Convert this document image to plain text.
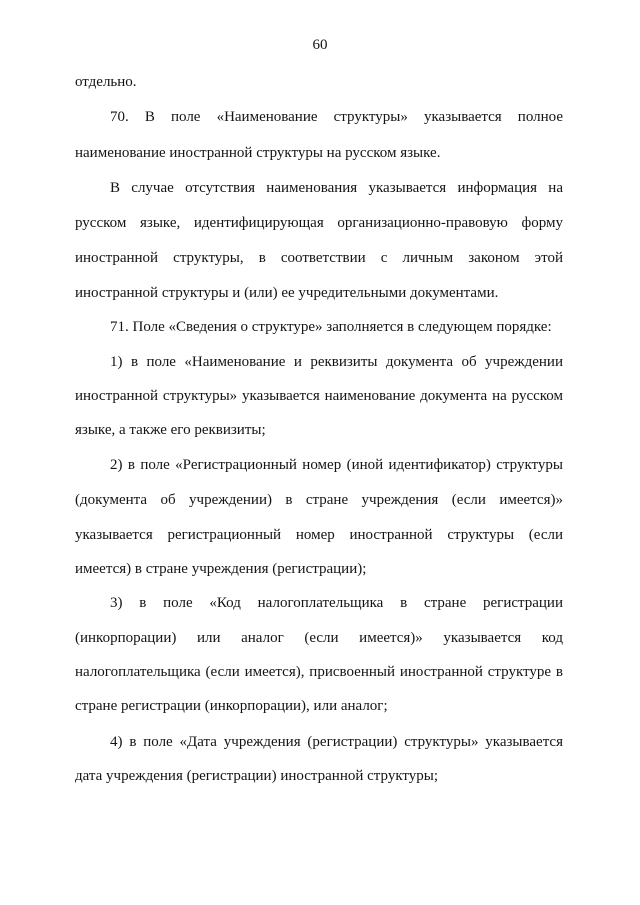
60
отдельно.
70. В поле «Наименование структуры» указывается полное
наименование иностранной структуры на русском языке.
В случае отсутствия наименования указывается информация на
русском языке, идентифицирующая организационно-правовую форму
иностранной структуры, в соответствии с личным законом этой
иностранной структуры и (или) ее учредительными документами.
71. Поле «Сведения о структуре» заполняется в следующем порядке:
1) в поле «Наименование и реквизиты документа об учреждении
иностранной структуры» указывается наименование документа на русском
языке, а также его реквизиты;
2) в поле «Регистрационный номер (иной идентификатор) структуры
(документа об учреждении) в стране учреждения (если имеется)»
указывается регистрационный номер иностранной структуры (если
имеется) в стране учреждения (регистрации);
3) в поле «Код налогоплательщика в стране регистрации
(инкорпорации) или аналог (если имеется)» указывается код
налогоплательщика (если имеется), присвоенный иностранной структуре в
стране регистрации (инкорпорации), или аналог;
4) в поле «Дата учреждения (регистрации) структуры» указывается
дата учреждения (регистрации) иностранной структуры;
